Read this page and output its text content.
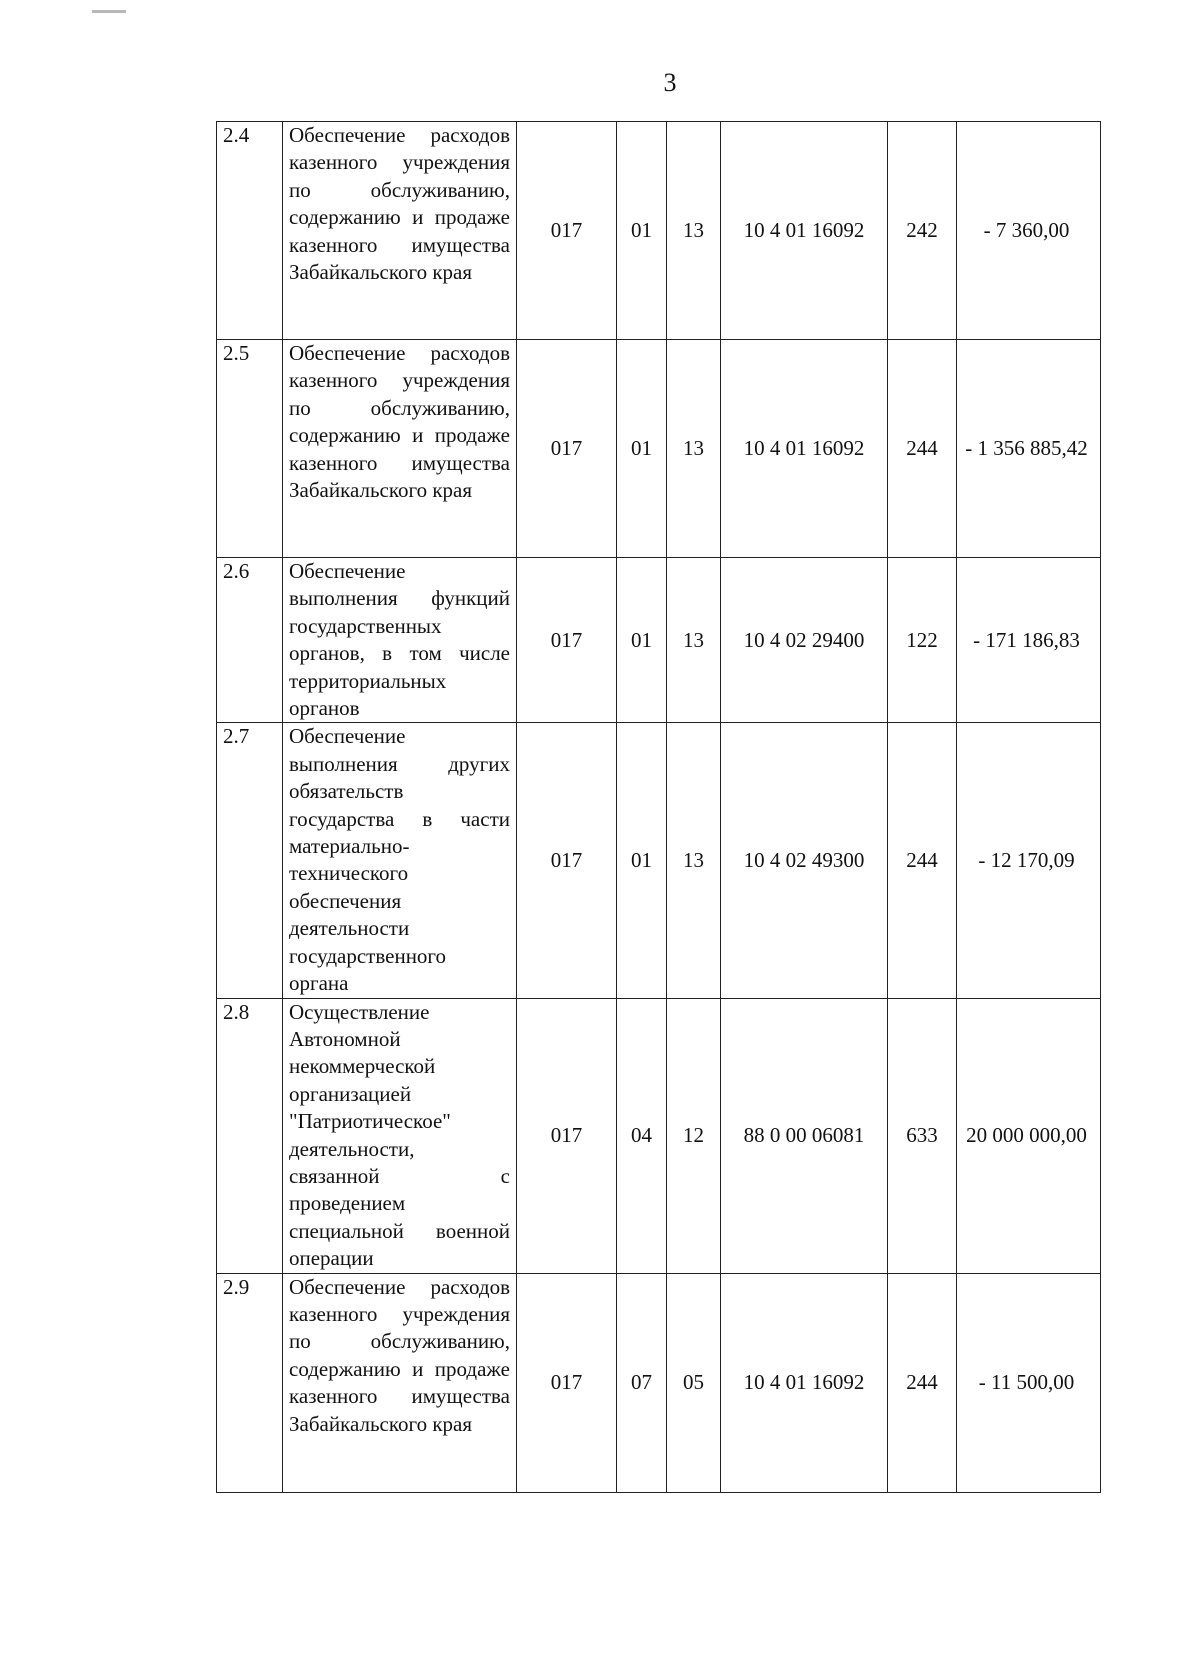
3
2.4	Обеспечение расходов казенного учреждения по обслуживанию, содержанию и продаже казенного имущества Забайкальского края	017	01	13	10 4 01 16092	242	- 7 360,00
2.5	Обеспечение расходов казенного учреждения по обслуживанию, содержанию и продаже казенного имущества Забайкальского края	017	01	13	10 4 01 16092	244	- 1 356 885,42
2.6	Обеспечение выполнения функций государственных органов, в том числе территориальных органов	017	01	13	10 4 02 29400	122	- 171 186,83
2.7	Обеспечение выполнения других обязательств государства в части материально-технического обеспечения деятельности государственного органа	017	01	13	10 4 02 49300	244	- 12 170,09
2.8	Осуществление Автономной некоммерческой организацией "Патриотическое" деятельности, связанной с проведением специальной военной операции	017	04	12	88 0 00 06081	633	20 000 000,00
2.9	Обеспечение расходов казенного учреждения по обслуживанию, содержанию и продаже казенного имущества Забайкальского края	017	07	05	10 4 01 16092	244	- 11 500,00
